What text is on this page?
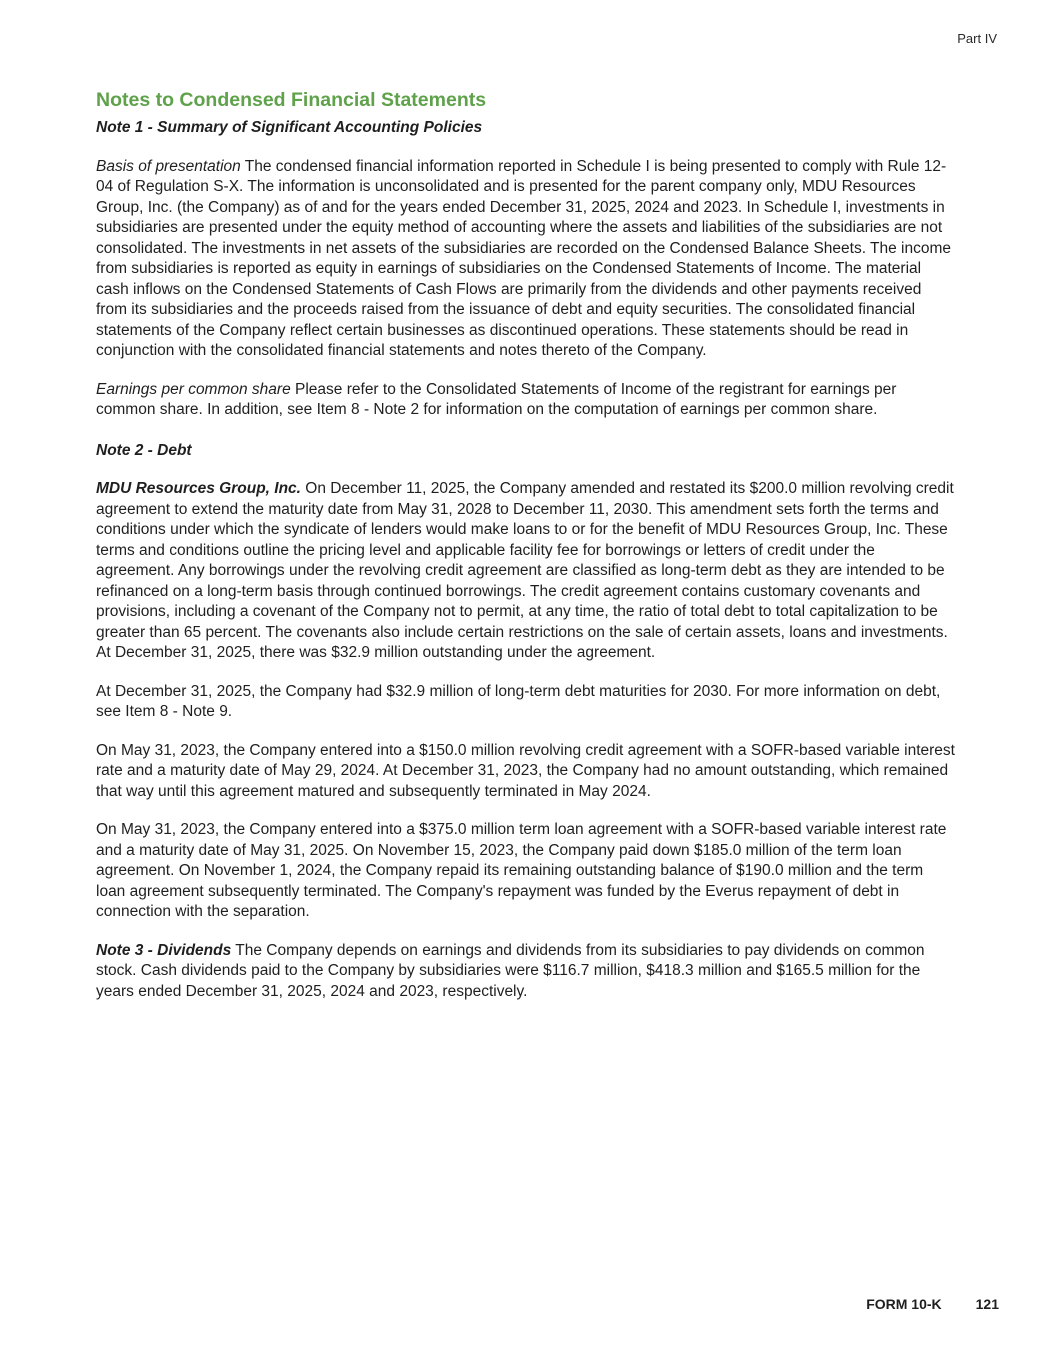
Part IV
Notes to Condensed Financial Statements
Note 1 - Summary of Significant Accounting Policies

Basis of presentation The condensed financial information reported in Schedule I is being presented to comply with Rule 12-04 of Regulation S-X. The information is unconsolidated and is presented for the parent company only, MDU Resources Group, Inc. (the Company) as of and for the years ended December 31, 2025, 2024 and 2023. In Schedule I, investments in subsidiaries are presented under the equity method of accounting where the assets and liabilities of the subsidiaries are not consolidated. The investments in net assets of the subsidiaries are recorded on the Condensed Balance Sheets. The income from subsidiaries is reported as equity in earnings of subsidiaries on the Condensed Statements of Income. The material cash inflows on the Condensed Statements of Cash Flows are primarily from the dividends and other payments received from its subsidiaries and the proceeds raised from the issuance of debt and equity securities. The consolidated financial statements of the Company reflect certain businesses as discontinued operations. These statements should be read in conjunction with the consolidated financial statements and notes thereto of the Company.

Earnings per common share Please refer to the Consolidated Statements of Income of the registrant for earnings per common share. In addition, see Item 8 - Note 2 for information on the computation of earnings per common share.

Note 2 - Debt

MDU Resources Group, Inc. On December 11, 2025, the Company amended and restated its $200.0 million revolving credit agreement to extend the maturity date from May 31, 2028 to December 11, 2030. This amendment sets forth the terms and conditions under which the syndicate of lenders would make loans to or for the benefit of MDU Resources Group, Inc. These terms and conditions outline the pricing level and applicable facility fee for borrowings or letters of credit under the agreement. Any borrowings under the revolving credit agreement are classified as long-term debt as they are intended to be refinanced on a long-term basis through continued borrowings. The credit agreement contains customary covenants and provisions, including a covenant of the Company not to permit, at any time, the ratio of total debt to total capitalization to be greater than 65 percent. The covenants also include certain restrictions on the sale of certain assets, loans and investments. At December 31, 2025, there was $32.9 million outstanding under the agreement.

At December 31, 2025, the Company had $32.9 million of long-term debt maturities for 2030. For more information on debt, see Item 8 - Note 9.

On May 31, 2023, the Company entered into a $150.0 million revolving credit agreement with a SOFR-based variable interest rate and a maturity date of May 29, 2024. At December 31, 2023, the Company had no amount outstanding, which remained that way until this agreement matured and subsequently terminated in May 2024.

On May 31, 2023, the Company entered into a $375.0 million term loan agreement with a SOFR-based variable interest rate and a maturity date of May 31, 2025. On November 15, 2023, the Company paid down $185.0 million of the term loan agreement. On November 1, 2024, the Company repaid its remaining outstanding balance of $190.0 million and the term loan agreement subsequently terminated. The Company's repayment was funded by the Everus repayment of debt in connection with the separation.

Note 3 - Dividends The Company depends on earnings and dividends from its subsidiaries to pay dividends on common stock. Cash dividends paid to the Company by subsidiaries were $116.7 million, $418.3 million and $165.5 million for the years ended December 31, 2025, 2024 and 2023, respectively.

FORM 10-K 121
